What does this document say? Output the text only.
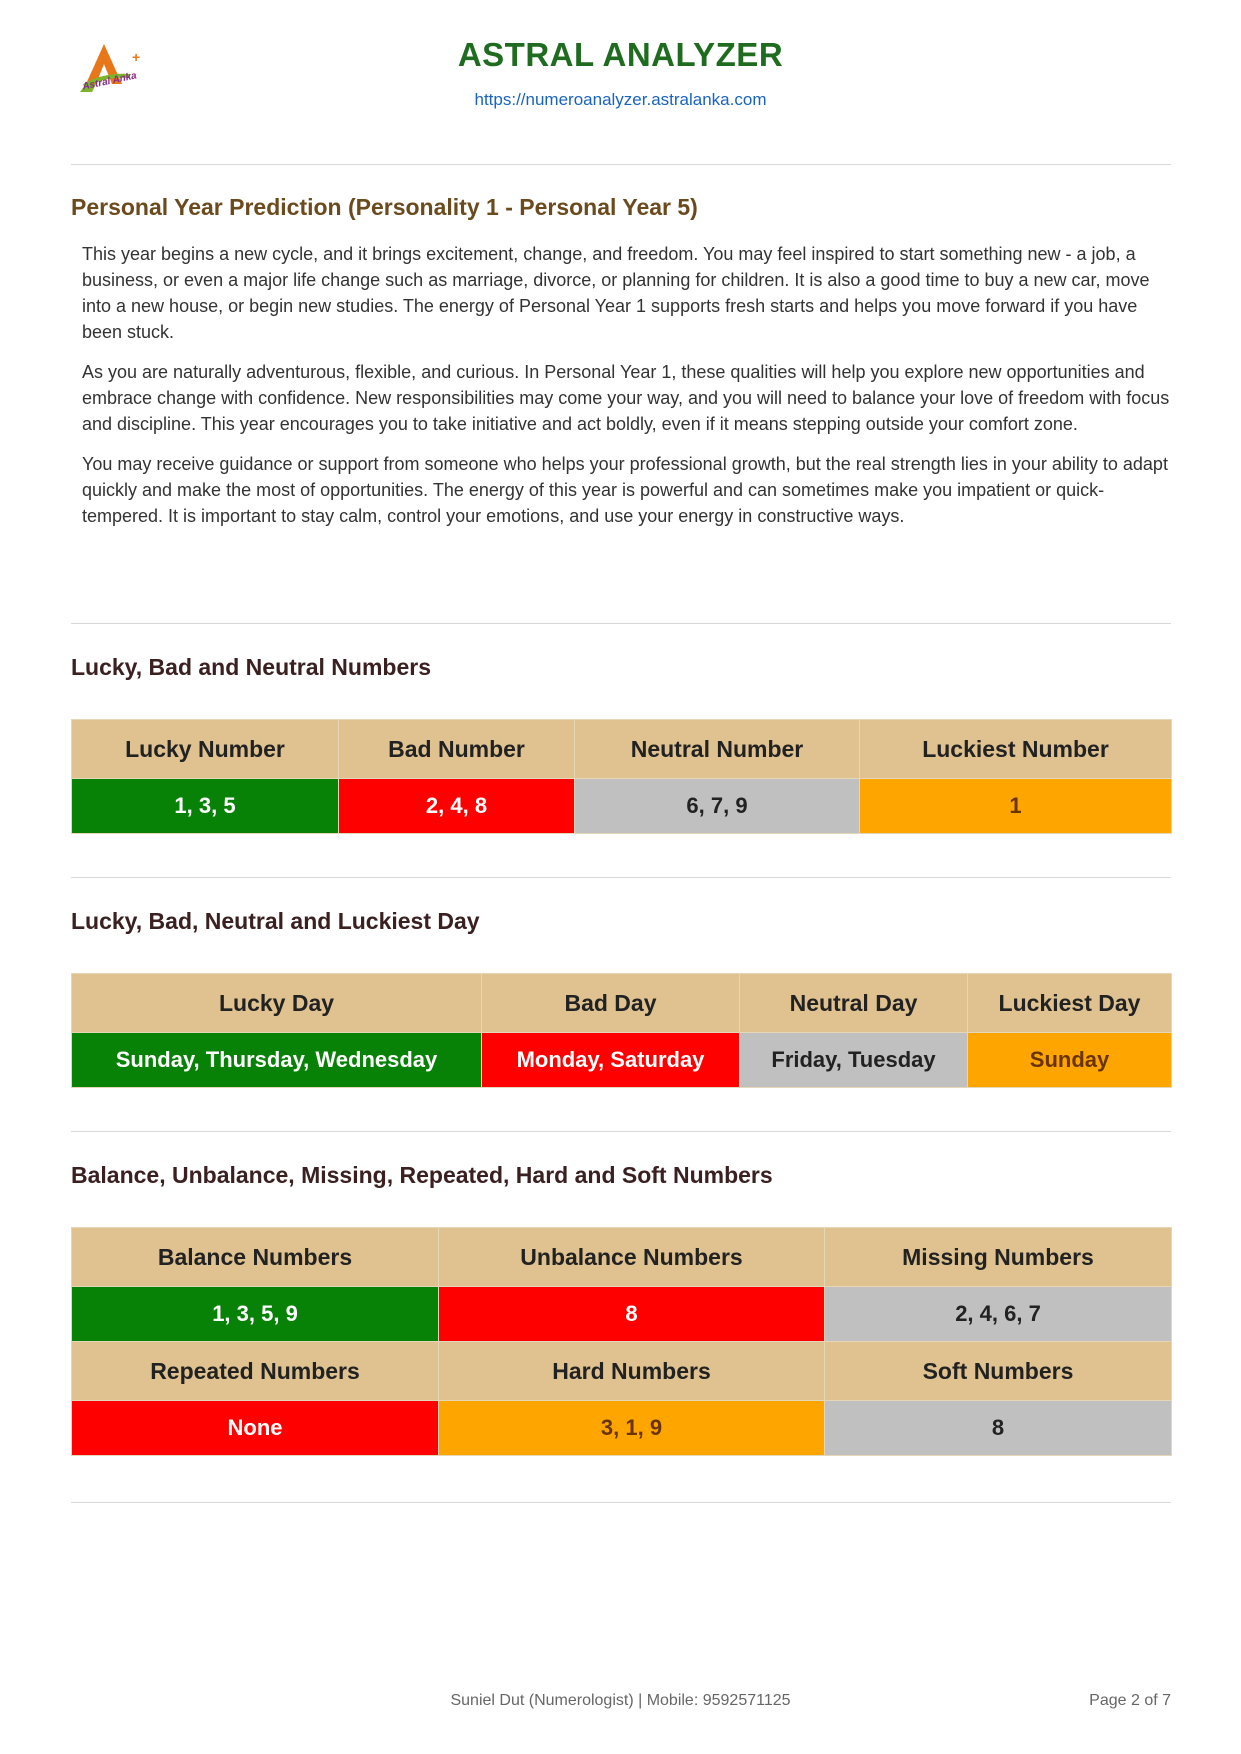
+
Astral Anka
ASTRAL ANALYZER
https://numeroanalyzer.astralanka.com
Personal Year Prediction (Personality 1 - Personal Year 5)

This year begins a new cycle, and it brings excitement, change, and freedom. You may feel inspired to start something new - a job, a business, or even a major life change such as marriage, divorce, or planning for children. It is also a good time to buy a new car, move into a new house, or begin new studies. The energy of Personal Year 1 supports fresh starts and helps you move forward if you have been stuck.

As you are naturally adventurous, flexible, and curious. In Personal Year 1, these qualities will help you explore new opportunities and embrace change with confidence. New responsibilities may come your way, and you will need to balance your love of freedom with focus and discipline. This year encourages you to take initiative and act boldly, even if it means stepping outside your comfort zone.

You may receive guidance or support from someone who helps your professional growth, but the real strength lies in your ability to adapt quickly and make the most of opportunities. The energy of this year is powerful and can sometimes make you impatient or quick-tempered. It is important to stay calm, control your emotions, and use your energy in constructive ways.

Lucky, Bad and Neutral Numbers
Lucky Number	Bad Number	Neutral Number	Luckiest Number
1, 3, 5	2, 4, 8	6, 7, 9	1
Lucky, Bad, Neutral and Luckiest Day
Lucky Day	Bad Day	Neutral Day	Luckiest Day
Sunday, Thursday, Wednesday	Monday, Saturday	Friday, Tuesday	Sunday
Balance, Unbalance, Missing, Repeated, Hard and Soft Numbers
Balance Numbers	Unbalance Numbers	Missing Numbers
1, 3, 5, 9	8	2, 4, 6, 7
Repeated Numbers	Hard Numbers	Soft Numbers
None	3, 1, 9	8
Suniel Dut (Numerologist) | Mobile: 9592571125	Page 2 of 7
